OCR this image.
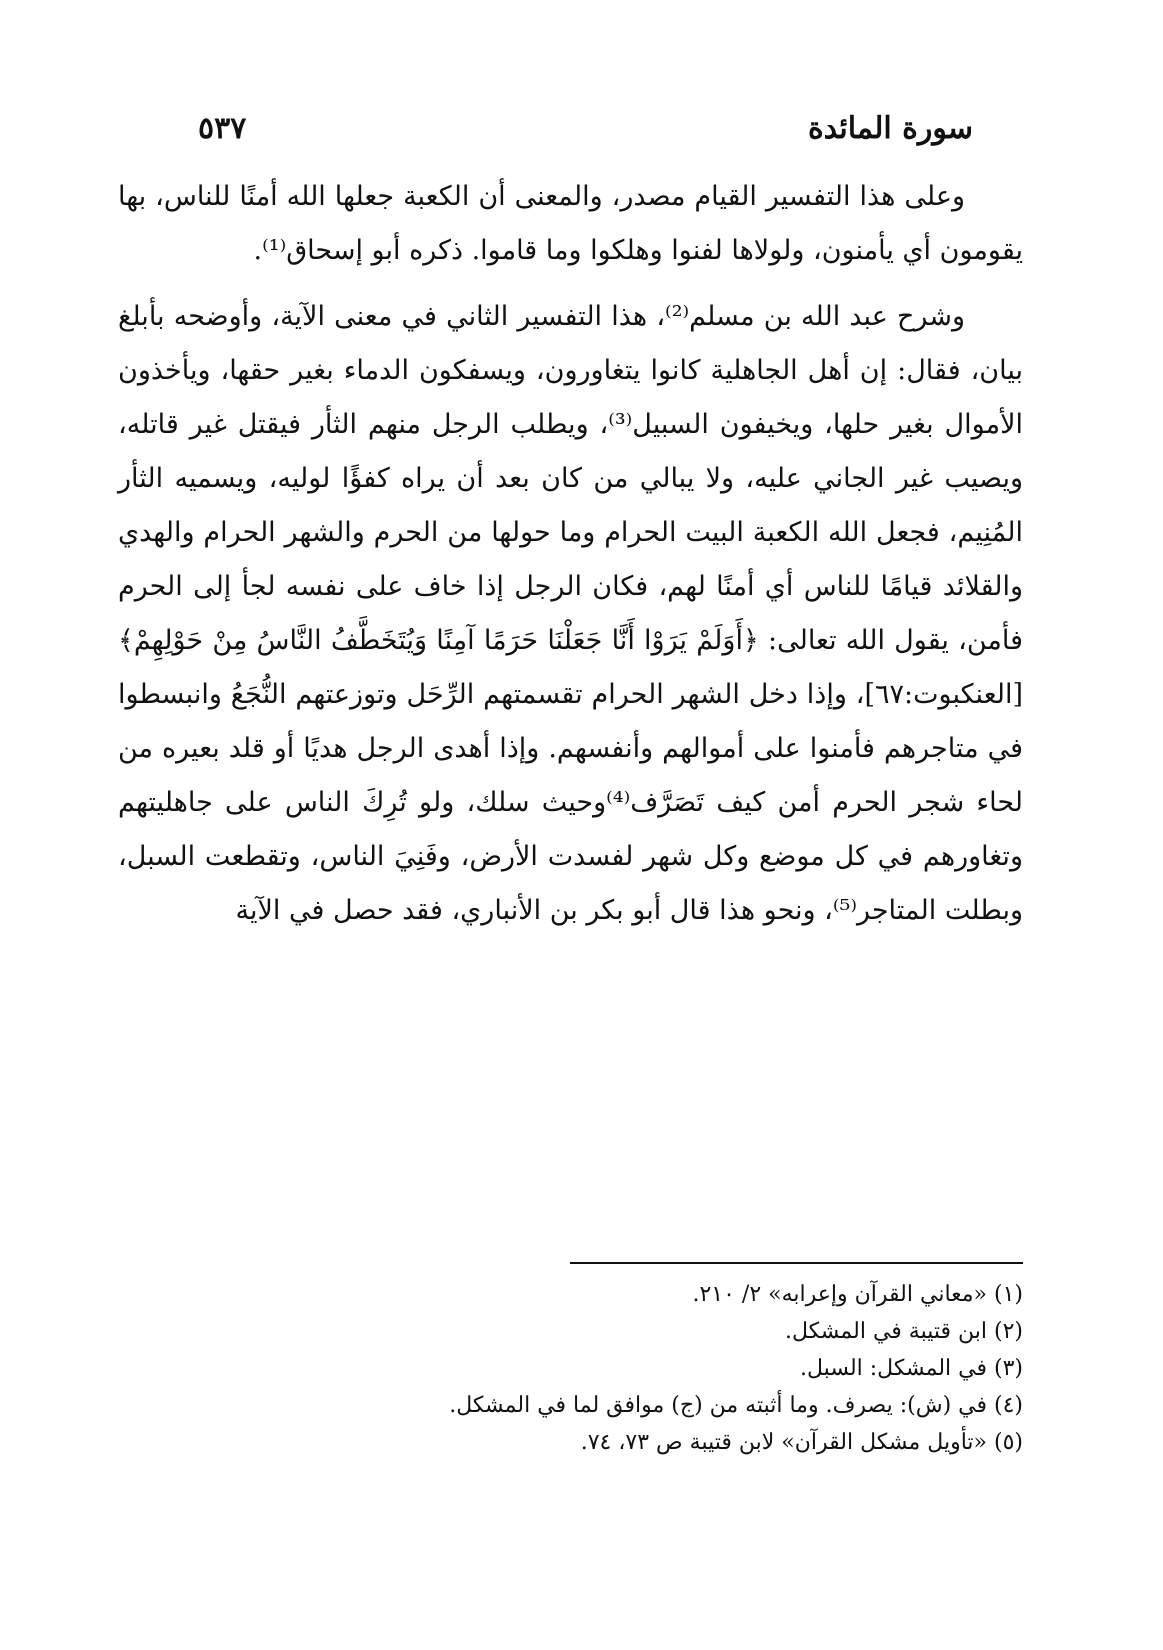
سورة المائدة
٥٣٧

وعلى هذا التفسير القيام مصدر، والمعنى أن الكعبة جعلها الله أمنًا للناس، بها يقومون أي يأمنون، ولولاها لفنوا وهلكوا وما قاموا. ذكره أبو إسحاق⁽¹⁾.

وشرح عبد الله بن مسلم⁽²⁾، هذا التفسير الثاني في معنى الآية، وأوضحه بأبلغ بيان، فقال: إن أهل الجاهلية كانوا يتغاورون، ويسفكون الدماء بغير حقها، ويأخذون الأموال بغير حلها، ويخيفون السبيل⁽³⁾، ويطلب الرجل منهم الثأر فيقتل غير قاتله، ويصيب غير الجاني عليه، ولا يبالي من كان بعد أن يراه كفؤًا لوليه، ويسميه الثأر المُنِيم، فجعل الله الكعبة البيت الحرام وما حولها من الحرم والشهر الحرام والهدي والقلائد قيامًا للناس أي أمنًا لهم، فكان الرجل إذا خاف على نفسه لجأ إلى الحرم فأمن، يقول الله تعالى: ﴿أَوَلَمْ يَرَوْا أَنَّا جَعَلْنَا حَرَمًا آمِنًا وَيُتَخَطَّفُ النَّاسُ مِنْ حَوْلِهِمْ﴾ [العنكبوت:٦٧]، وإذا دخل الشهر الحرام تقسمتهم الرِّحَل وتوزعتهم النُّجَعُ وانبسطوا في متاجرهم فأمنوا على أموالهم وأنفسهم. وإذا أهدى الرجل هديًا أو قلد بعيره من لحاء شجر الحرم أمن كيف تَصَرَّف⁽⁴⁾وحيث سلك، ولو تُرِكَ الناس على جاهليتهم وتغاورهم في كل موضع وكل شهر لفسدت الأرض، وفَنِيَ الناس، وتقطعت السبل، وبطلت المتاجر⁽⁵⁾، ونحو هذا قال أبو بكر بن الأنباري، فقد حصل في الآية

(١) «معاني القرآن وإعرابه» ٢/ ٢١٠.
(٢) ابن قتيبة في المشكل.
(٣) في المشكل: السبل.
(٤) في (ش): يصرف. وما أثبته من (ج) موافق لما في المشكل.
(٥) «تأويل مشكل القرآن» لابن قتيبة ص ٧٣، ٧٤.
